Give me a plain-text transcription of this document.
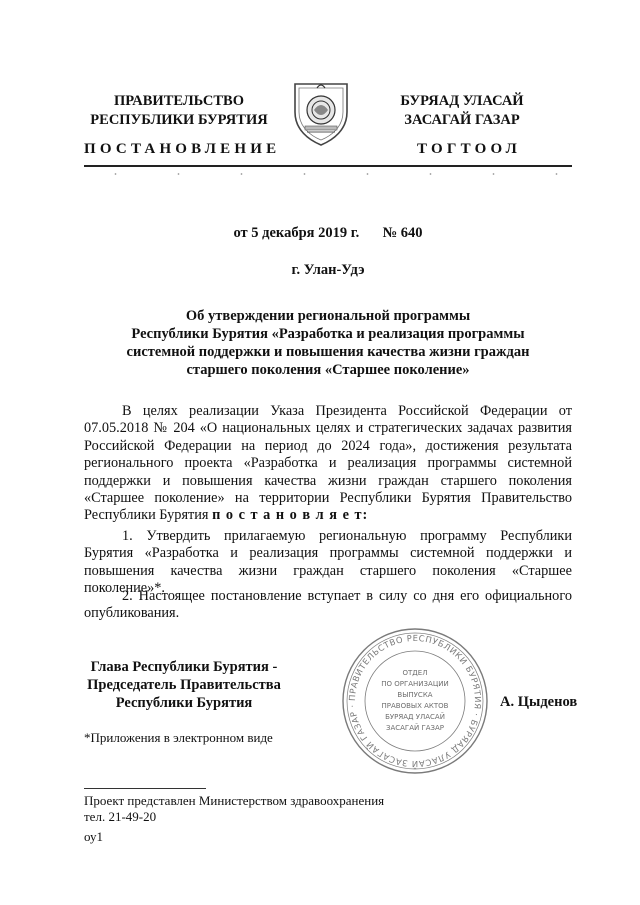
ПРАВИТЕЛЬСТВО
РЕСПУБЛИКИ БУРЯТИЯ
БУРЯАД УЛАСАЙ
ЗАСАГАЙ ГАЗАР
ПОСТАНОВЛЕНИЕ	ТОГТООЛ
от 5 декабря 2019 г. № 640
г. Улан-Удэ
Об утверждении региональной программы
Республики Бурятия «Разработка и реализация программы
системной поддержки и повышения качества жизни граждан
старшего поколения «Старшее поколение»
В целях реализации Указа Президента Российской Федерации от 07.05.2018 № 204 «О национальных целях и стратегических задачах развития Российской Федерации на период до 2024 года», достижения результата регионального проекта «Разработка и реализация программы системной поддержки и повышения качества жизни граждан старшего поколения «Старшее поколение» на территории Республики Бурятия Правительство Республики Бурятия п о с т а н о в л я е т:
1. Утвердить прилагаемую региональную программу Республики Бурятия «Разработка и реализация программы системной поддержки и повышения качества жизни граждан старшего поколения «Старшее поколение»*.
2. Настоящее постановление вступает в силу со дня его официального опубликования.
Глава Республики Бурятия -
Председатель Правительства
Республики Бурятия	ПРАВИТЕЛЬСТВО РЕСПУБЛИКИ БУРЯТИЯ · БУРЯАД УЛАСАЙ ЗАСАГАЙ ГАЗАР ·
ОТДЕЛ
ПО ОРГАНИЗАЦИИ
ВЫПУСКА
ПРАВОВЫХ АКТОВ
БУРЯАД УЛАСАЙ
ЗАСАГАЙ ГАЗАР
А. Цыденов
*Приложения в электронном виде
Проект представлен Министерством здравоохранения
тел. 21-49-20
оу1
